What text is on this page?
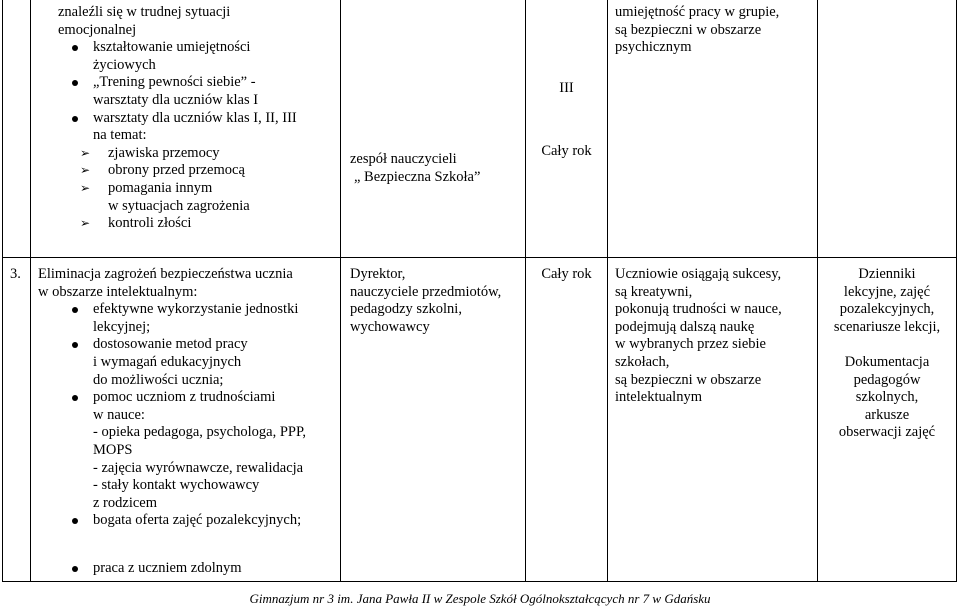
znaleźli się w trudnej sytuacji
emocjonalnej
kształtowanie umiejętności
życiowych
„Trening pewności siebie” -
warsztaty dla uczniów klas I
warsztaty dla uczniów klas I, II, III
na temat:
➢ zjawiska przemocy
➢ obrony przed przemocą
➢ pomagania innym
w sytuacjach zagrożenia
➢ kontroli złości
zespół nauczycieli
„ Bezpieczna Szkoła”
III
Cały rok
umiejętność pracy w grupie,
są bezpieczni w obszarze
psychicznym
3. Eliminacja zagrożeń bezpieczeństwa ucznia
w obszarze intelektualnym:
efektywne wykorzystanie jednostki
lekcyjnej;
dostosowanie metod pracy
i wymagań edukacyjnych
do możliwości ucznia;
pomoc uczniom z trudnościami
w nauce:
- opieka pedagoga, psychologa, PPP,
MOPS
- zajęcia wyrównawcze, rewalidacja
- stały kontakt wychowawcy
z rodzicem
bogata oferta zajęć pozalekcyjnych;
Dyrektor,
nauczyciele przedmiotów,
pedagodzy szkolni,
wychowawcy
Cały rok	Uczniowie osiągają sukcesy,
są kreatywni,
pokonują trudności w nauce,
podejmują dalszą naukę
w wybranych przez siebie
szkołach,
są bezpieczni w obszarze
intelektualnym
Dzienniki
lekcyjne, zajęć
pozalekcyjnych,
scenariusze lekcji,
Dokumentacja
pedagogów
szkolnych,
arkusze
obserwacji zajęć
praca z uczniem zdolnym
Gimnazjum nr 3 im. Jana Pawła II w Zespole Szkół Ogólnokształcących nr 7 w Gdańsku
